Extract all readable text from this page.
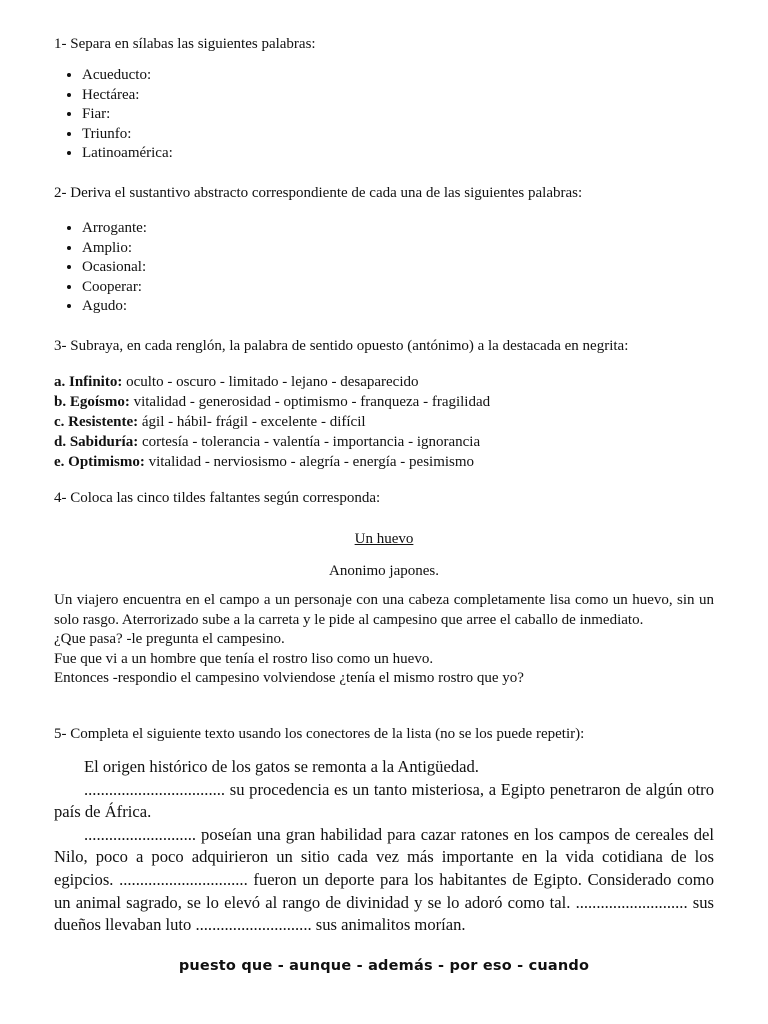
1- Separa en sílabas las siguientes palabras:

• Acueducto:
• Hectárea:
• Fiar:
• Triunfo:
• Latinoamérica:

2- Deriva el sustantivo abstracto correspondiente de cada una de las siguientes palabras:

• Arrogante:
• Amplio:
• Ocasional:
• Cooperar:
• Agudo:

3- Subraya, en cada renglón, la palabra de sentido opuesto (antónimo) a la destacada en negrita:

a. Infinito: oculto - oscuro - limitado - lejano - desaparecido

b. Egoísmo: vitalidad - generosidad - optimismo - franqueza - fragilidad

c. Resistente: ágil - hábil- frágil - excelente - difícil

d. Sabiduría: cortesía - tolerancia - valentía - importancia - ignorancia

e. Optimismo: vitalidad - nerviosismo - alegría - energía - pesimismo

4- Coloca las cinco tildes faltantes según corresponda:

Un huevo

Anonimo japones.

Un viajero encuentra en el campo a un personaje con una cabeza completamente lisa como un huevo, sin un solo rasgo. Aterrorizado sube a la carreta y le pide al campesino que arree el caballo de inmediato.

¿Que pasa? -le pregunta el campesino.

Fue que vi a un hombre que tenía el rostro liso como un huevo.

Entonces -respondio el campesino volviendose ¿tenía el mismo rostro que yo?

5- Completa el siguiente texto usando los conectores de la lista (no se los puede repetir):

El origen histórico de los gatos se remonta a la Antigüedad.

.................................. su procedencia es un tanto misteriosa, a Egipto penetraron de algún otro país de África.

........................... poseían una gran habilidad para cazar ratones en los campos de cereales del Nilo, poco a poco adquirieron un sitio cada vez más importante en la vida cotidiana de los egipcios. ............................... fueron un deporte para los habitantes de Egipto. Considerado como un animal sagrado, se lo elevó al rango de divinidad y se lo adoró como tal. ........................... sus dueños llevaban luto ............................ sus animalitos morían.

puesto que - aunque - además - por eso - cuando
